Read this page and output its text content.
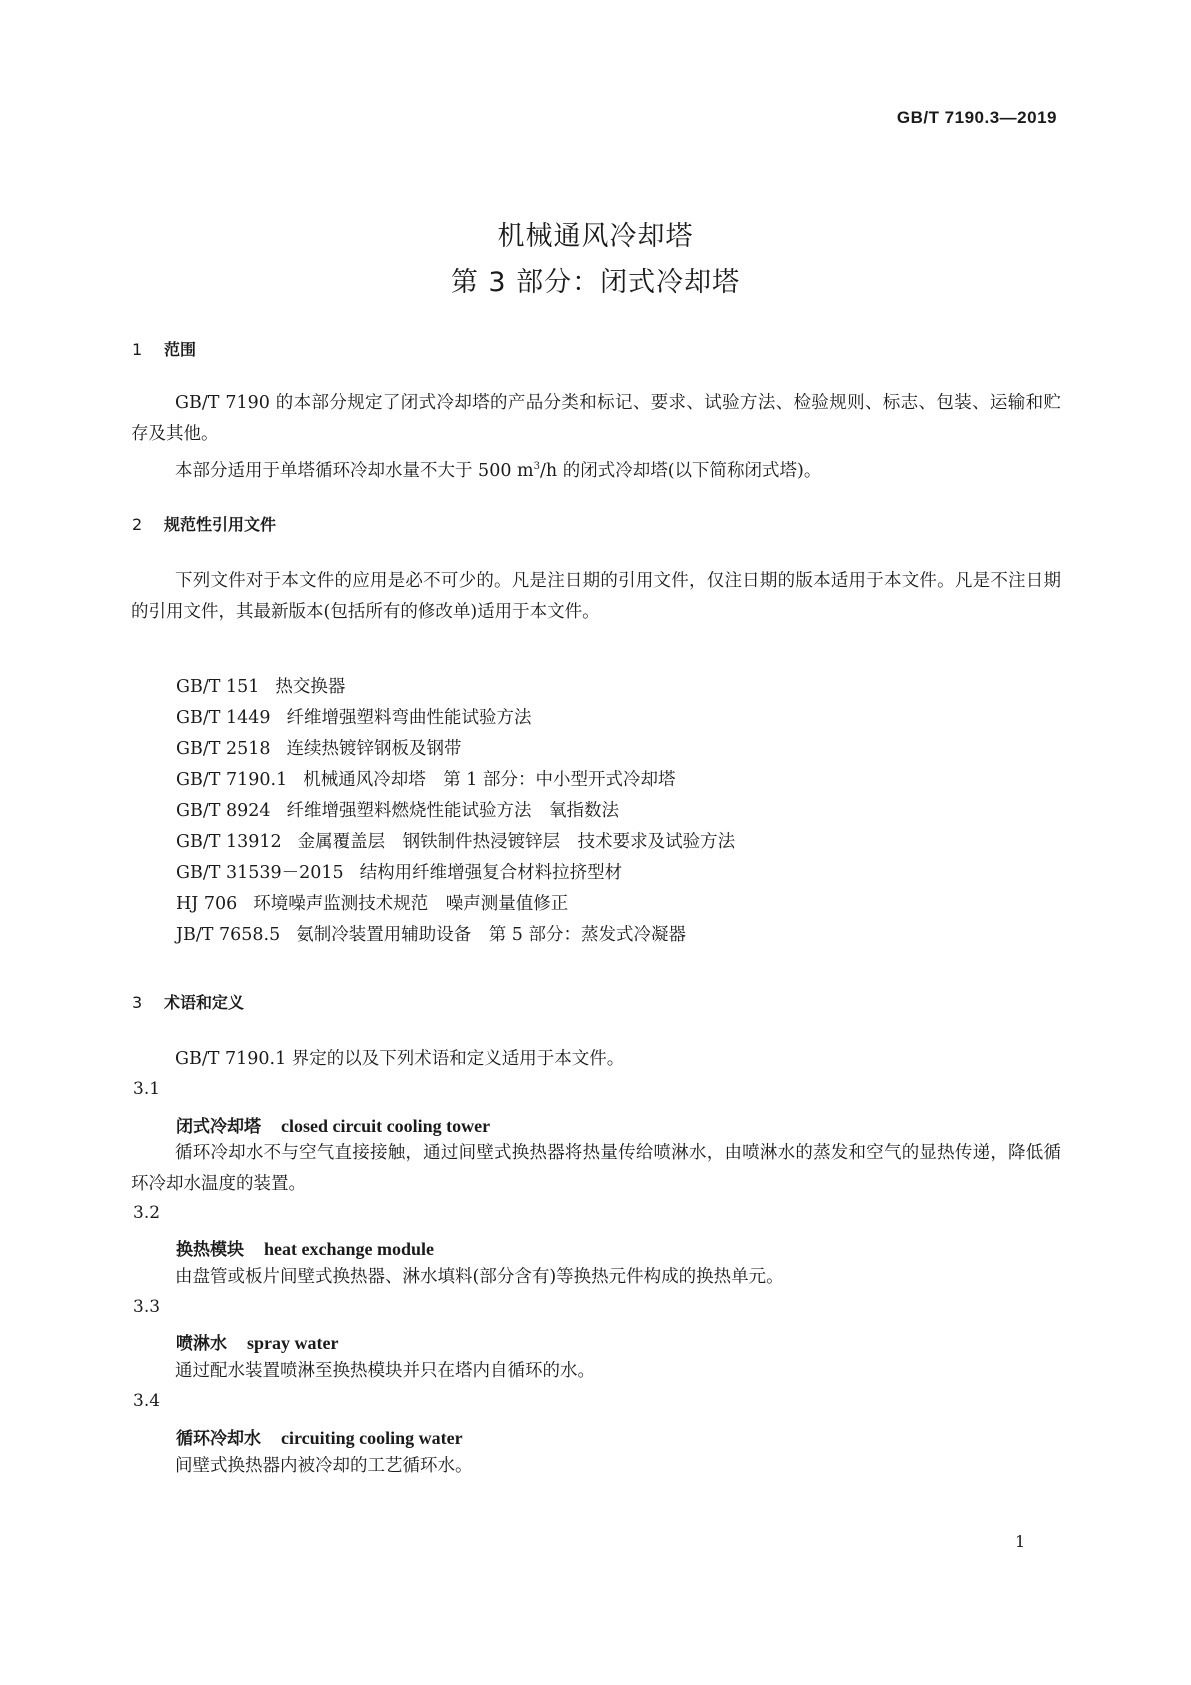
GB/T 7190.3—2019
机械通风冷却塔
第 3 部分：闭式冷却塔
1 范围
GB/T 7190 的本部分规定了闭式冷却塔的产品分类和标记、要求、试验方法、检验规则、标志、包装、运输和贮存及其他。
本部分适用于单塔循环冷却水量不大于 500 $m^3/h$ 的闭式冷却塔(以下简称闭式塔)。
2 规范性引用文件
下列文件对于本文件的应用是必不可少的。凡是注日期的引用文件，仅注日期的版本适用于本文件。凡是不注日期的引用文件，其最新版本(包括所有的修改单)适用于本文件。
GB/T 151 热交换器
GB/T 1449 纤维增强塑料弯曲性能试验方法
GB/T 2518 连续热镀锌钢板及钢带
GB/T 7190.1 机械通风冷却塔　第 1 部分：中小型开式冷却塔
GB/T 8924 纤维增强塑料燃烧性能试验方法　氧指数法
GB/T 13912 金属覆盖层　钢铁制件热浸镀锌层　技术要求及试验方法
GB/T 31539－2015 结构用纤维增强复合材料拉挤型材
HJ 706 环境噪声监测技术规范　噪声测量值修正
JB/T 7658.5 氨制冷装置用辅助设备　第 5 部分：蒸发式冷凝器
3 术语和定义
GB/T 7190.1 界定的以及下列术语和定义适用于本文件。
3.1
闭式冷却塔 closed circuit cooling tower
循环冷却水不与空气直接接触，通过间壁式换热器将热量传给喷淋水，由喷淋水的蒸发和空气的显热传递，降低循环冷却水温度的装置。
3.2
换热模块 heat exchange module
由盘管或板片间壁式换热器、淋水填料(部分含有)等换热元件构成的换热单元。
3.3
喷淋水 spray water
通过配水装置喷淋至换热模块并只在塔内自循环的水。
3.4
循环冷却水 circuiting cooling water
间壁式换热器内被冷却的工艺循环水。
1
